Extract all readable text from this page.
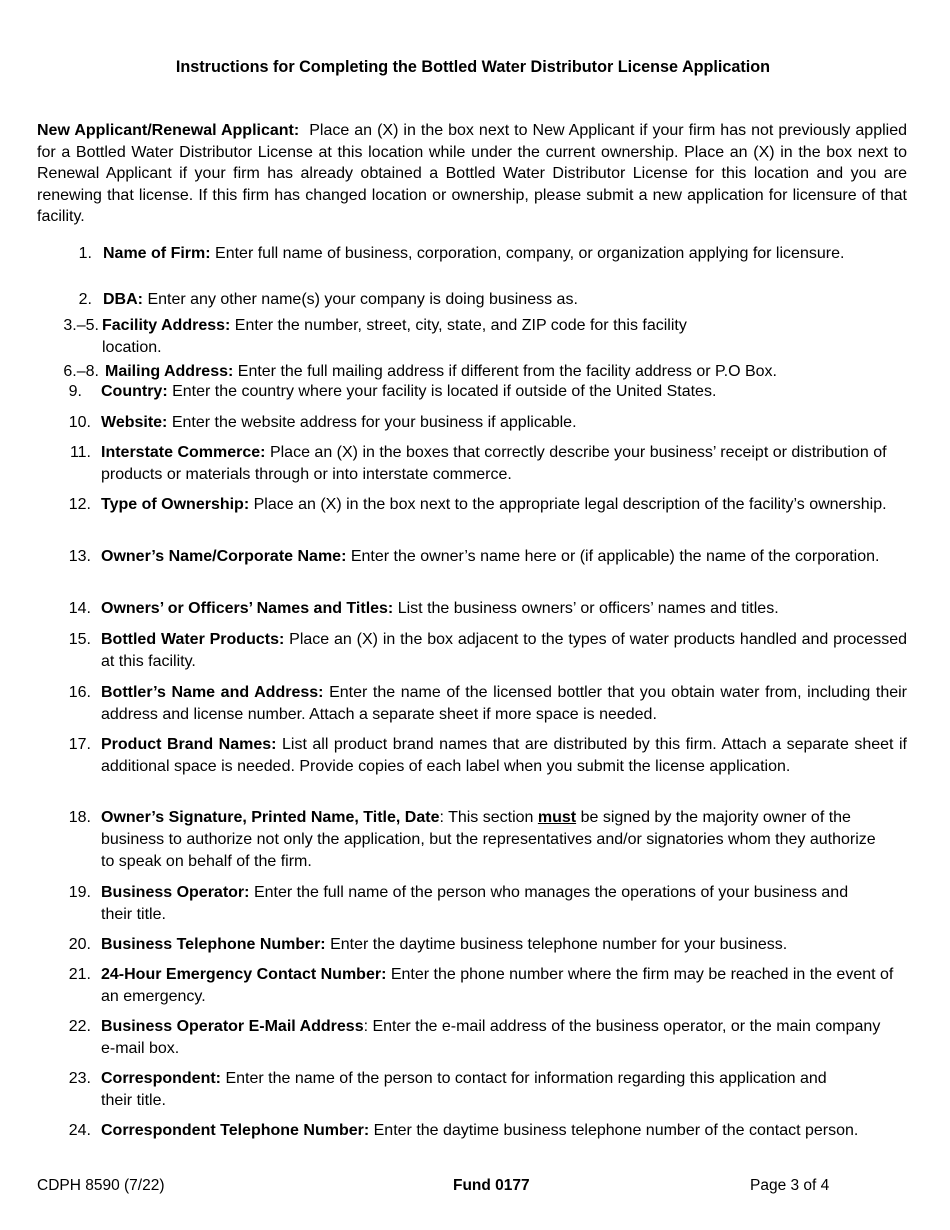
Instructions for Completing the Bottled Water Distributor License Application
New Applicant/Renewal Applicant: Place an (X) in the box next to New Applicant if your firm has not previously applied for a Bottled Water Distributor License at this location while under the current ownership. Place an (X) in the box next to Renewal Applicant if your firm has already obtained a Bottled Water Distributor License for this location and you are renewing that license. If this firm has changed location or ownership, please submit a new application for licensure of that facility.
1. Name of Firm: Enter full name of business, corporation, company, or organization applying for licensure.
2. DBA: Enter any other name(s) your company is doing business as.
3.–5. Facility Address: Enter the number, street, city, state, and ZIP code for this facility location.
6.–8. Mailing Address: Enter the full mailing address if different from the facility address or P.O Box.
9. Country: Enter the country where your facility is located if outside of the United States.
10. Website: Enter the website address for your business if applicable.
11. Interstate Commerce: Place an (X) in the boxes that correctly describe your business’ receipt or distribution of products or materials through or into interstate commerce.
12. Type of Ownership: Place an (X) in the box next to the appropriate legal description of the facility’s ownership.
13. Owner’s Name/Corporate Name: Enter the owner’s name here or (if applicable) the name of the corporation.
14. Owners’ or Officers’ Names and Titles: List the business owners’ or officers’ names and titles.
15. Bottled Water Products: Place an (X) in the box adjacent to the types of water products handled and processed at this facility.
16. Bottler’s Name and Address: Enter the name of the licensed bottler that you obtain water from, including their address and license number. Attach a separate sheet if more space is needed.
17. Product Brand Names: List all product brand names that are distributed by this firm. Attach a separate sheet if additional space is needed. Provide copies of each label when you submit the license application.
18. Owner’s Signature, Printed Name, Title, Date: This section must be signed by the majority owner of the business to authorize not only the application, but the representatives and/or signatories whom they authorize to speak on behalf of the firm.
19. Business Operator: Enter the full name of the person who manages the operations of your business and their title.
20. Business Telephone Number: Enter the daytime business telephone number for your business.
21. 24-Hour Emergency Contact Number: Enter the phone number where the firm may be reached in the event of an emergency.
22. Business Operator E-Mail Address: Enter the e-mail address of the business operator, or the main company e-mail box.
23. Correspondent: Enter the name of the person to contact for information regarding this application and their title.
24. Correspondent Telephone Number: Enter the daytime business telephone number of the contact person.
CDPH 8590 (7/22)	Fund 0177	Page 3 of 4
